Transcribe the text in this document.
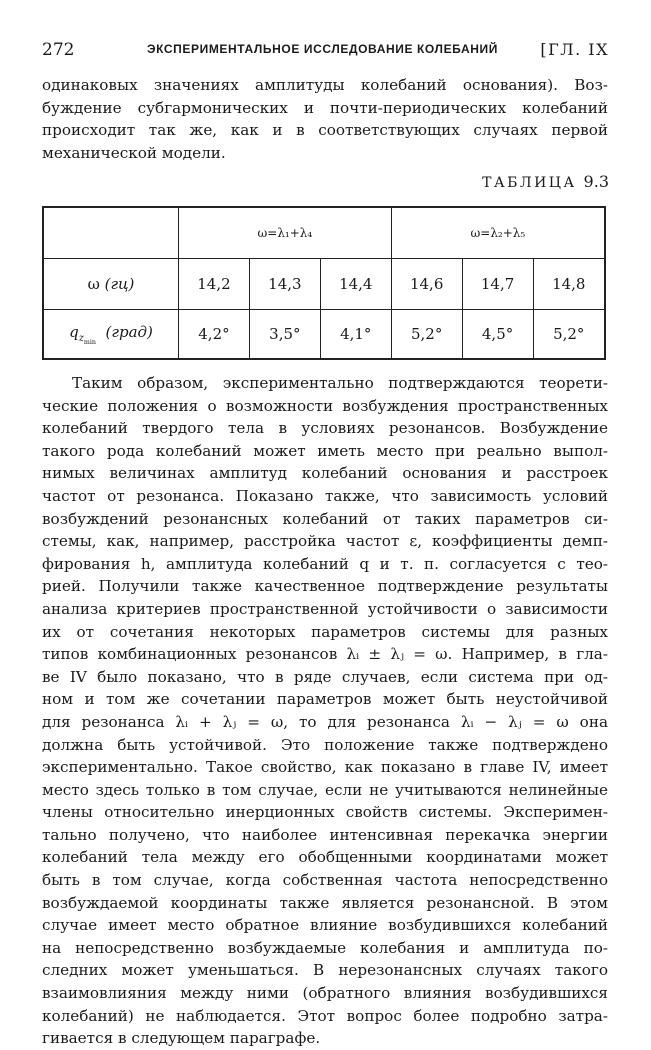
272	ЭКСПЕРИМЕНТАЛЬНОЕ ИССЛЕДОВАНИЕ КОЛЕБАНИЙ	[ГЛ. IX

одинаковых значениях амплитуды колебаний основания). Воз-
буждение субгармонических и почти-периодических колебаний
происходит так же, как и в соответствующих случаях первой
механической модели.

ТАБЛИЦА 9.3
	ω=λ₁+λ₄			ω=λ₂+λ₅		
ω (гц)	14,2	14,3	14,4	14,6	14,7	14,8
$q_{z_{min}}$  (град)	4,2°	3,5°	4,1°	5,2°	4,5°	5,2°

Таким образом, экспериментально подтверждаются теорети-
ческие положения о возможности возбуждения пространственных
колебаний твердого тела в условиях резонансов. Возбуждение
такого рода колебаний может иметь место при реально выпол-
нимых величинах амплитуд колебаний основания и расстроек
частот от резонанса. Показано также, что зависимость условий
возбуждений резонансных колебаний от таких параметров си-
стемы, как, например, расстройка частот ε, коэффициенты демп-
фирования h, амплитуда колебаний q и т. п. согласуется с тео-
рией. Получили также качественное подтверждение результаты
анализа критериев пространственной устойчивости о зависимости
их от сочетания некоторых параметров системы для разных
типов комбинационных резонансов λᵢ ± λⱼ = ω. Например, в гла-
ве IV было показано, что в ряде случаев, если система при од-
ном и том же сочетании параметров может быть неустойчивой
для резонанса λᵢ + λⱼ = ω, то для резонанса λᵢ − λⱼ = ω она
должна быть устойчивой. Это положение также подтверждено
экспериментально. Такое свойство, как показано в главе IV, имеет
место здесь только в том случае, если не учитываются нелинейные
члены относительно инерционных свойств системы. Эксперимен-
тально получено, что наиболее интенсивная перекачка энергии
колебаний тела между его обобщенными координатами может
быть в том случае, когда собственная частота непосредственно
возбуждаемой координаты также является резонансной. В этом
случае имеет место обратное влияние возбудившихся колебаний
на непосредственно возбуждаемые колебания и амплитуда по-
следних может уменьшаться. В нерезонансных случаях такого
взаимовлияния между ними (обратного влияния возбудившихся
колебаний) не наблюдается. Этот вопрос более подробно затра-
гивается в следующем параграфе.
